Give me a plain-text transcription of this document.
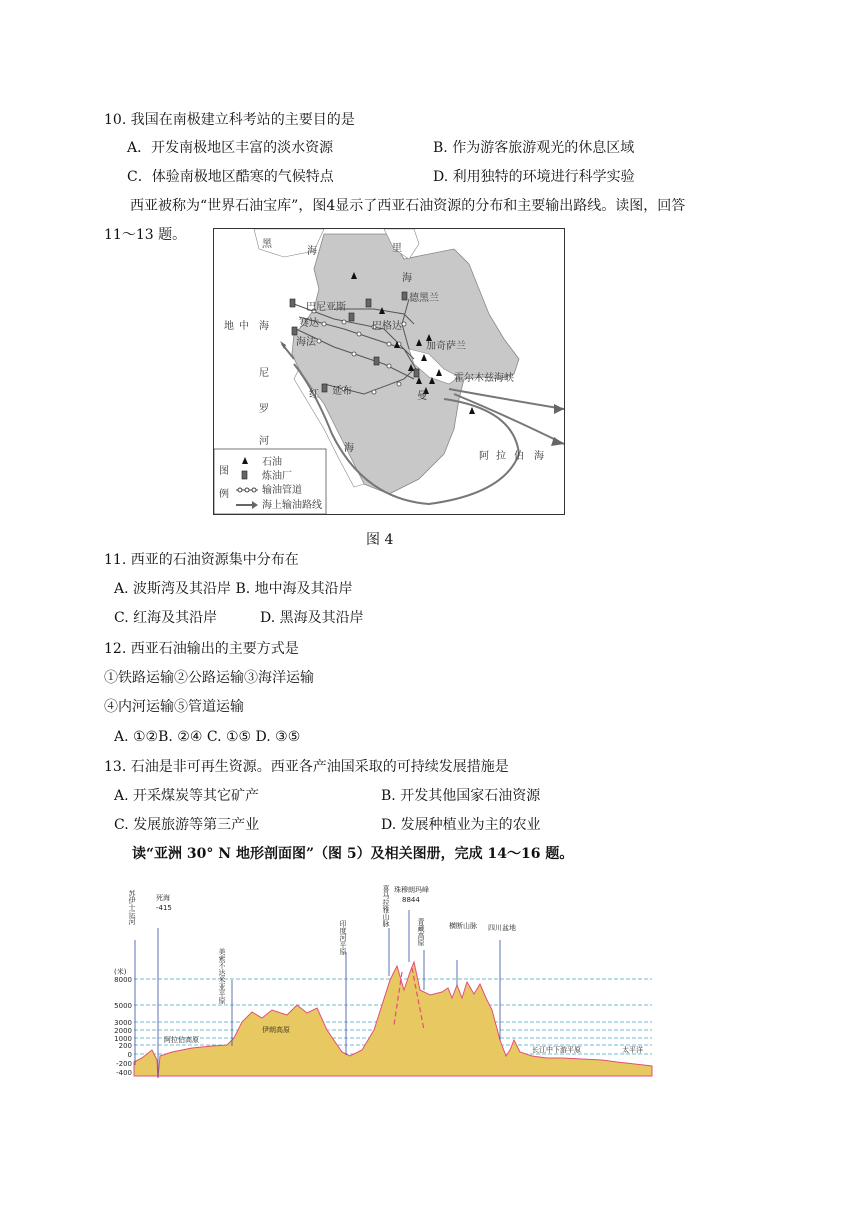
10. 我国在南极建立科考站的主要目的是
A．开发南极地区丰富的淡水资源	B. 作为游客旅游观光的休息区域
C．体验南极地区酷寒的气候特点	D. 利用独特的环境进行科学实验
西亚被称为“世界石油宝库”，图4显示了西亚石油资源的分布和主要输出路线。读图，回答
11～13 题。
黑
海	里
海
地 中 海
尼
罗
河
红
海
阿 拉 伯 海
巴尼亚斯
赛达
海法
德黑兰
巴格达
加奇萨兰
霍尔木兹海峡
延布	曼
图
例
石油
炼油厂
输油管道
海上输油路线
图 4
11. 西亚的石油资源集中分布在
A. 波斯湾及其沿岸 B. 地中海及其沿岸
C. 红海及其沿岸	D. 黑海及其沿岸
12. 西亚石油输出的主要方式是
①铁路运输②公路运输③海洋运输
④内河运输⑤管道运输
A. ①②B. ②④ C. ①⑤ D. ③⑤
13. 石油是非可再生资源。西亚各产油国采取的可持续发展措施是
A. 开采煤炭等其它矿产	B. 开发其他国家石油资源
C. 发展旅游等第三产业	D. 发展种植业为主的农业
读“亚洲 30° N 地形剖面图”（图 5）及相关图册，完成 14～16 题。
(米)
8000
5000
3000
2000
1000
200
0
-200
-400
苏伊士运河	死海
-415
阿拉伯高原
美索不达米亚平原
伊朗高原
印度河平原
喜马拉雅山脉 珠穆朗玛峰
8844
青藏高原	横断山脉 四川盆地
长江中下游平原	太平洋
